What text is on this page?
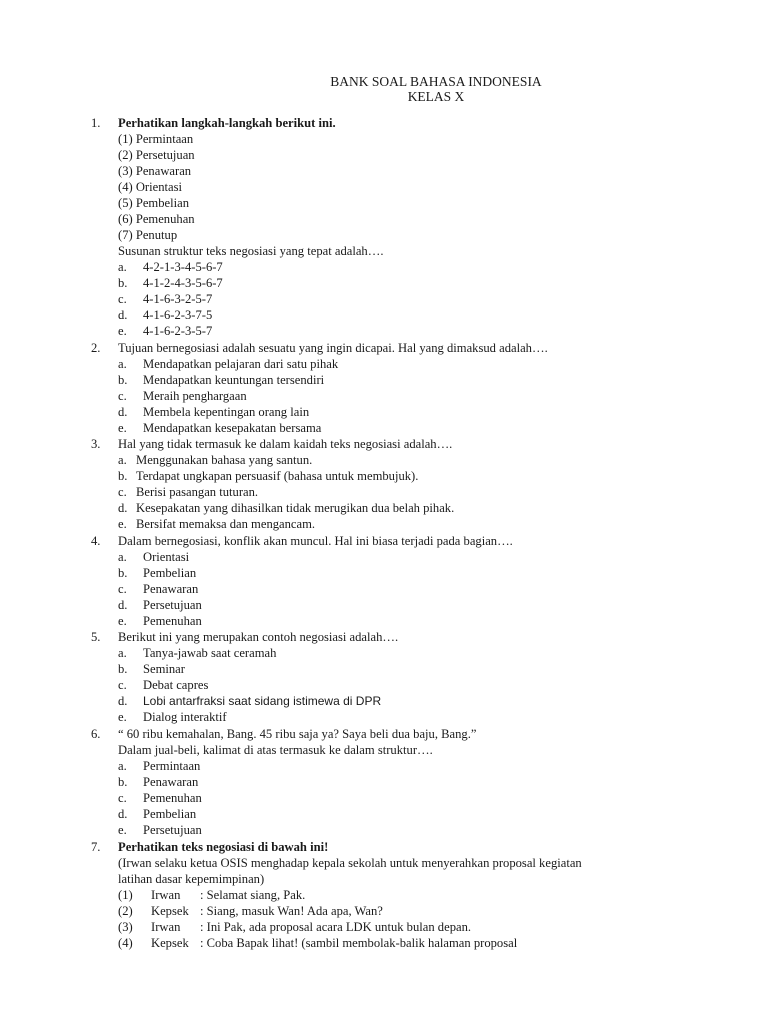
BANK SOAL BAHASA INDONESIA
KELAS X
1. Perhatikan langkah-langkah berikut ini.
(1) Permintaan
(2) Persetujuan
(3) Penawaran
(4) Orientasi
(5) Pembelian
(6) Pemenuhan
(7) Penutup
Susunan struktur teks negosiasi yang tepat adalah….
a. 4-2-1-3-4-5-6-7
b. 4-1-2-4-3-5-6-7
c. 4-1-6-3-2-5-7
d. 4-1-6-2-3-7-5
e. 4-1-6-2-3-5-7
2. Tujuan bernegosiasi adalah sesuatu yang ingin dicapai. Hal yang dimaksud adalah….
a. Mendapatkan pelajaran dari satu pihak
b. Mendapatkan keuntungan tersendiri
c. Meraih penghargaan
d. Membela kepentingan orang lain
e. Mendapatkan kesepakatan bersama
3. Hal yang tidak termasuk ke dalam kaidah teks negosiasi adalah….
a. Menggunakan bahasa yang santun.
b. Terdapat ungkapan persuasif (bahasa untuk membujuk).
c. Berisi pasangan tuturan.
d. Kesepakatan yang dihasilkan tidak merugikan dua belah pihak.
e. Bersifat memaksa dan mengancam.
4. Dalam bernegosiasi, konflik akan muncul. Hal ini biasa terjadi pada bagian….
a. Orientasi
b. Pembelian
c. Penawaran
d. Persetujuan
e. Pemenuhan
5. Berikut ini yang merupakan contoh negosiasi adalah….
a. Tanya-jawab saat ceramah
b. Seminar
c. Debat capres
d. Lobi antarfraksi saat sidang istimewa di DPR
e. Dialog interaktif
6. “ 60 ribu kemahalan, Bang. 45 ribu saja ya? Saya beli dua baju, Bang.”
Dalam jual-beli, kalimat di atas termasuk ke dalam struktur….
a. Permintaan
b. Penawaran
c. Pemenuhan
d. Pembelian
e. Persetujuan
7. Perhatikan teks negosiasi di bawah ini!
(Irwan selaku ketua OSIS menghadap kepala sekolah untuk menyerahkan proposal kegiatan
latihan dasar kepemimpinan)
(1) Irwan : Selamat siang, Pak.
(2) Kepsek : Siang, masuk Wan! Ada apa, Wan?
(3) Irwan : Ini Pak, ada proposal acara LDK untuk bulan depan.
(4) Kepsek : Coba Bapak lihat! (sambil membolak-balik halaman proposal
